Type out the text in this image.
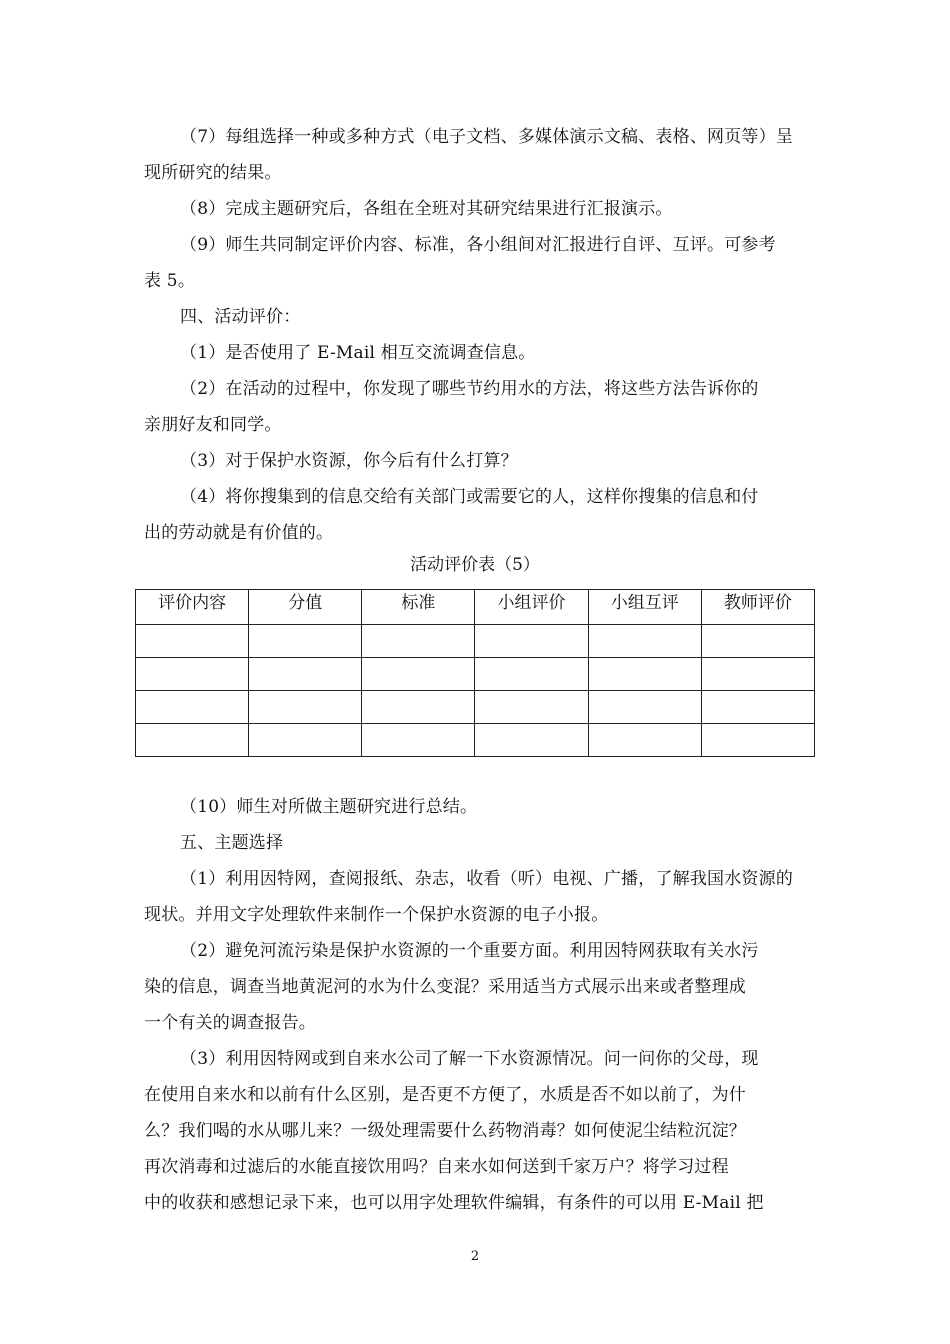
（7）每组选择一种或多种方式（电子文档、多媒体演示文稿、表格、网页等）呈
现所研究的结果。
（8）完成主题研究后，各组在全班对其研究结果进行汇报演示。
（9）师生共同制定评价内容、标准，各小组间对汇报进行自评、互评。可参考
表 5。
四、活动评价：
（1）是否使用了 E-Mail 相互交流调查信息。
（2）在活动的过程中，你发现了哪些节约用水的方法，将这些方法告诉你的
亲朋好友和同学。
（3）对于保护水资源，你今后有什么打算？
（4）将你搜集到的信息交给有关部门或需要它的人，这样你搜集的信息和付
出的劳动就是有价值的。
活动评价表（5）
评价内容	分值	标准	小组评价	小组互评	教师评价

（10）师生对所做主题研究进行总结。
五、主题选择
（1）利用因特网，查阅报纸、杂志，收看（听）电视、广播，了解我国水资源的
现状。并用文字处理软件来制作一个保护水资源的电子小报。
（2）避免河流污染是保护水资源的一个重要方面。利用因特网获取有关水污
染的信息，调查当地黄泥河的水为什么变混？采用适当方式展示出来或者整理成
一个有关的调查报告。
（3）利用因特网或到自来水公司了解一下水资源情况。问一问你的父母，现
在使用自来水和以前有什么区别，是否更不方便了，水质是否不如以前了，为什
么？我们喝的水从哪儿来？一级处理需要什么药物消毒？如何使泥尘结粒沉淀？
再次消毒和过滤后的水能直接饮用吗？自来水如何送到千家万户？将学习过程
中的收获和感想记录下来，也可以用字处理软件编辑，有条件的可以用 E-Mail 把
2
